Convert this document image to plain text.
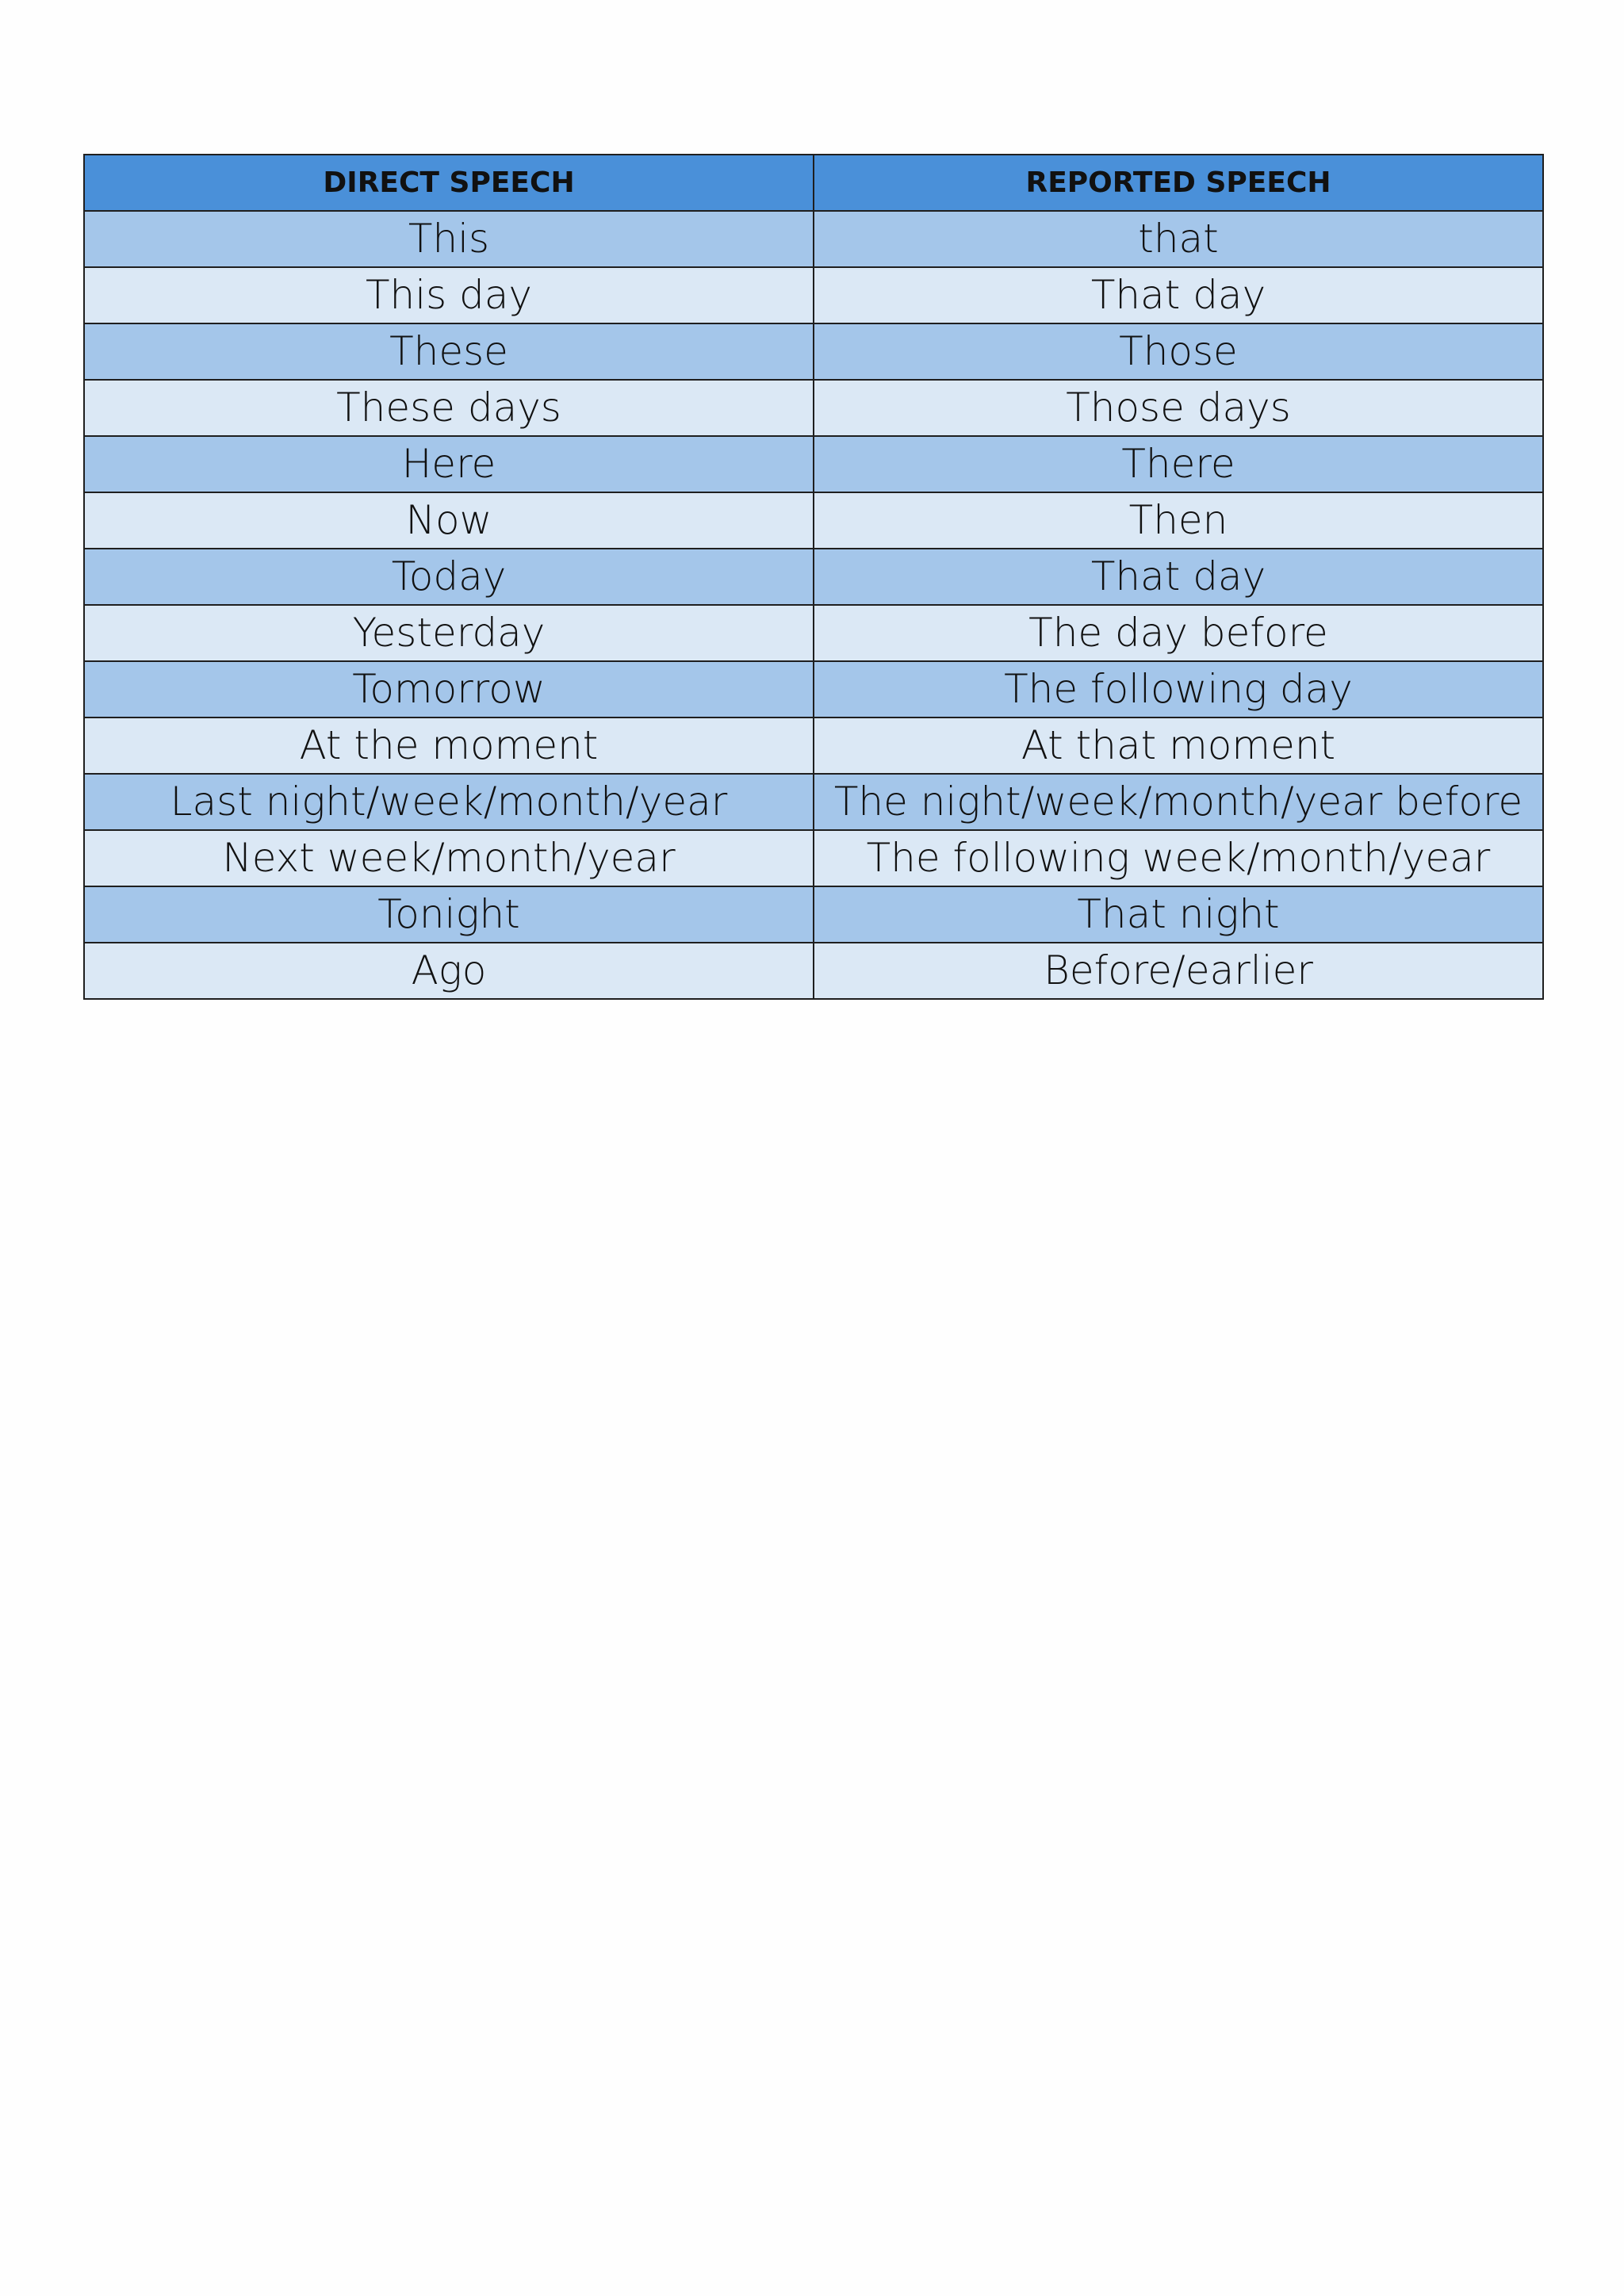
DIRECT SPEECH	REPORTED SPEECH
This	that
This day	That day
These	Those
These days	Those days
Here	There
Now	Then
Today	That day
Yesterday	The day before
Tomorrow	The following day
At the moment	At that moment
Last night/week/month/year	The night/week/month/year before
Next week/month/year	The following week/month/year
Tonight	That night
Ago	Before/earlier
